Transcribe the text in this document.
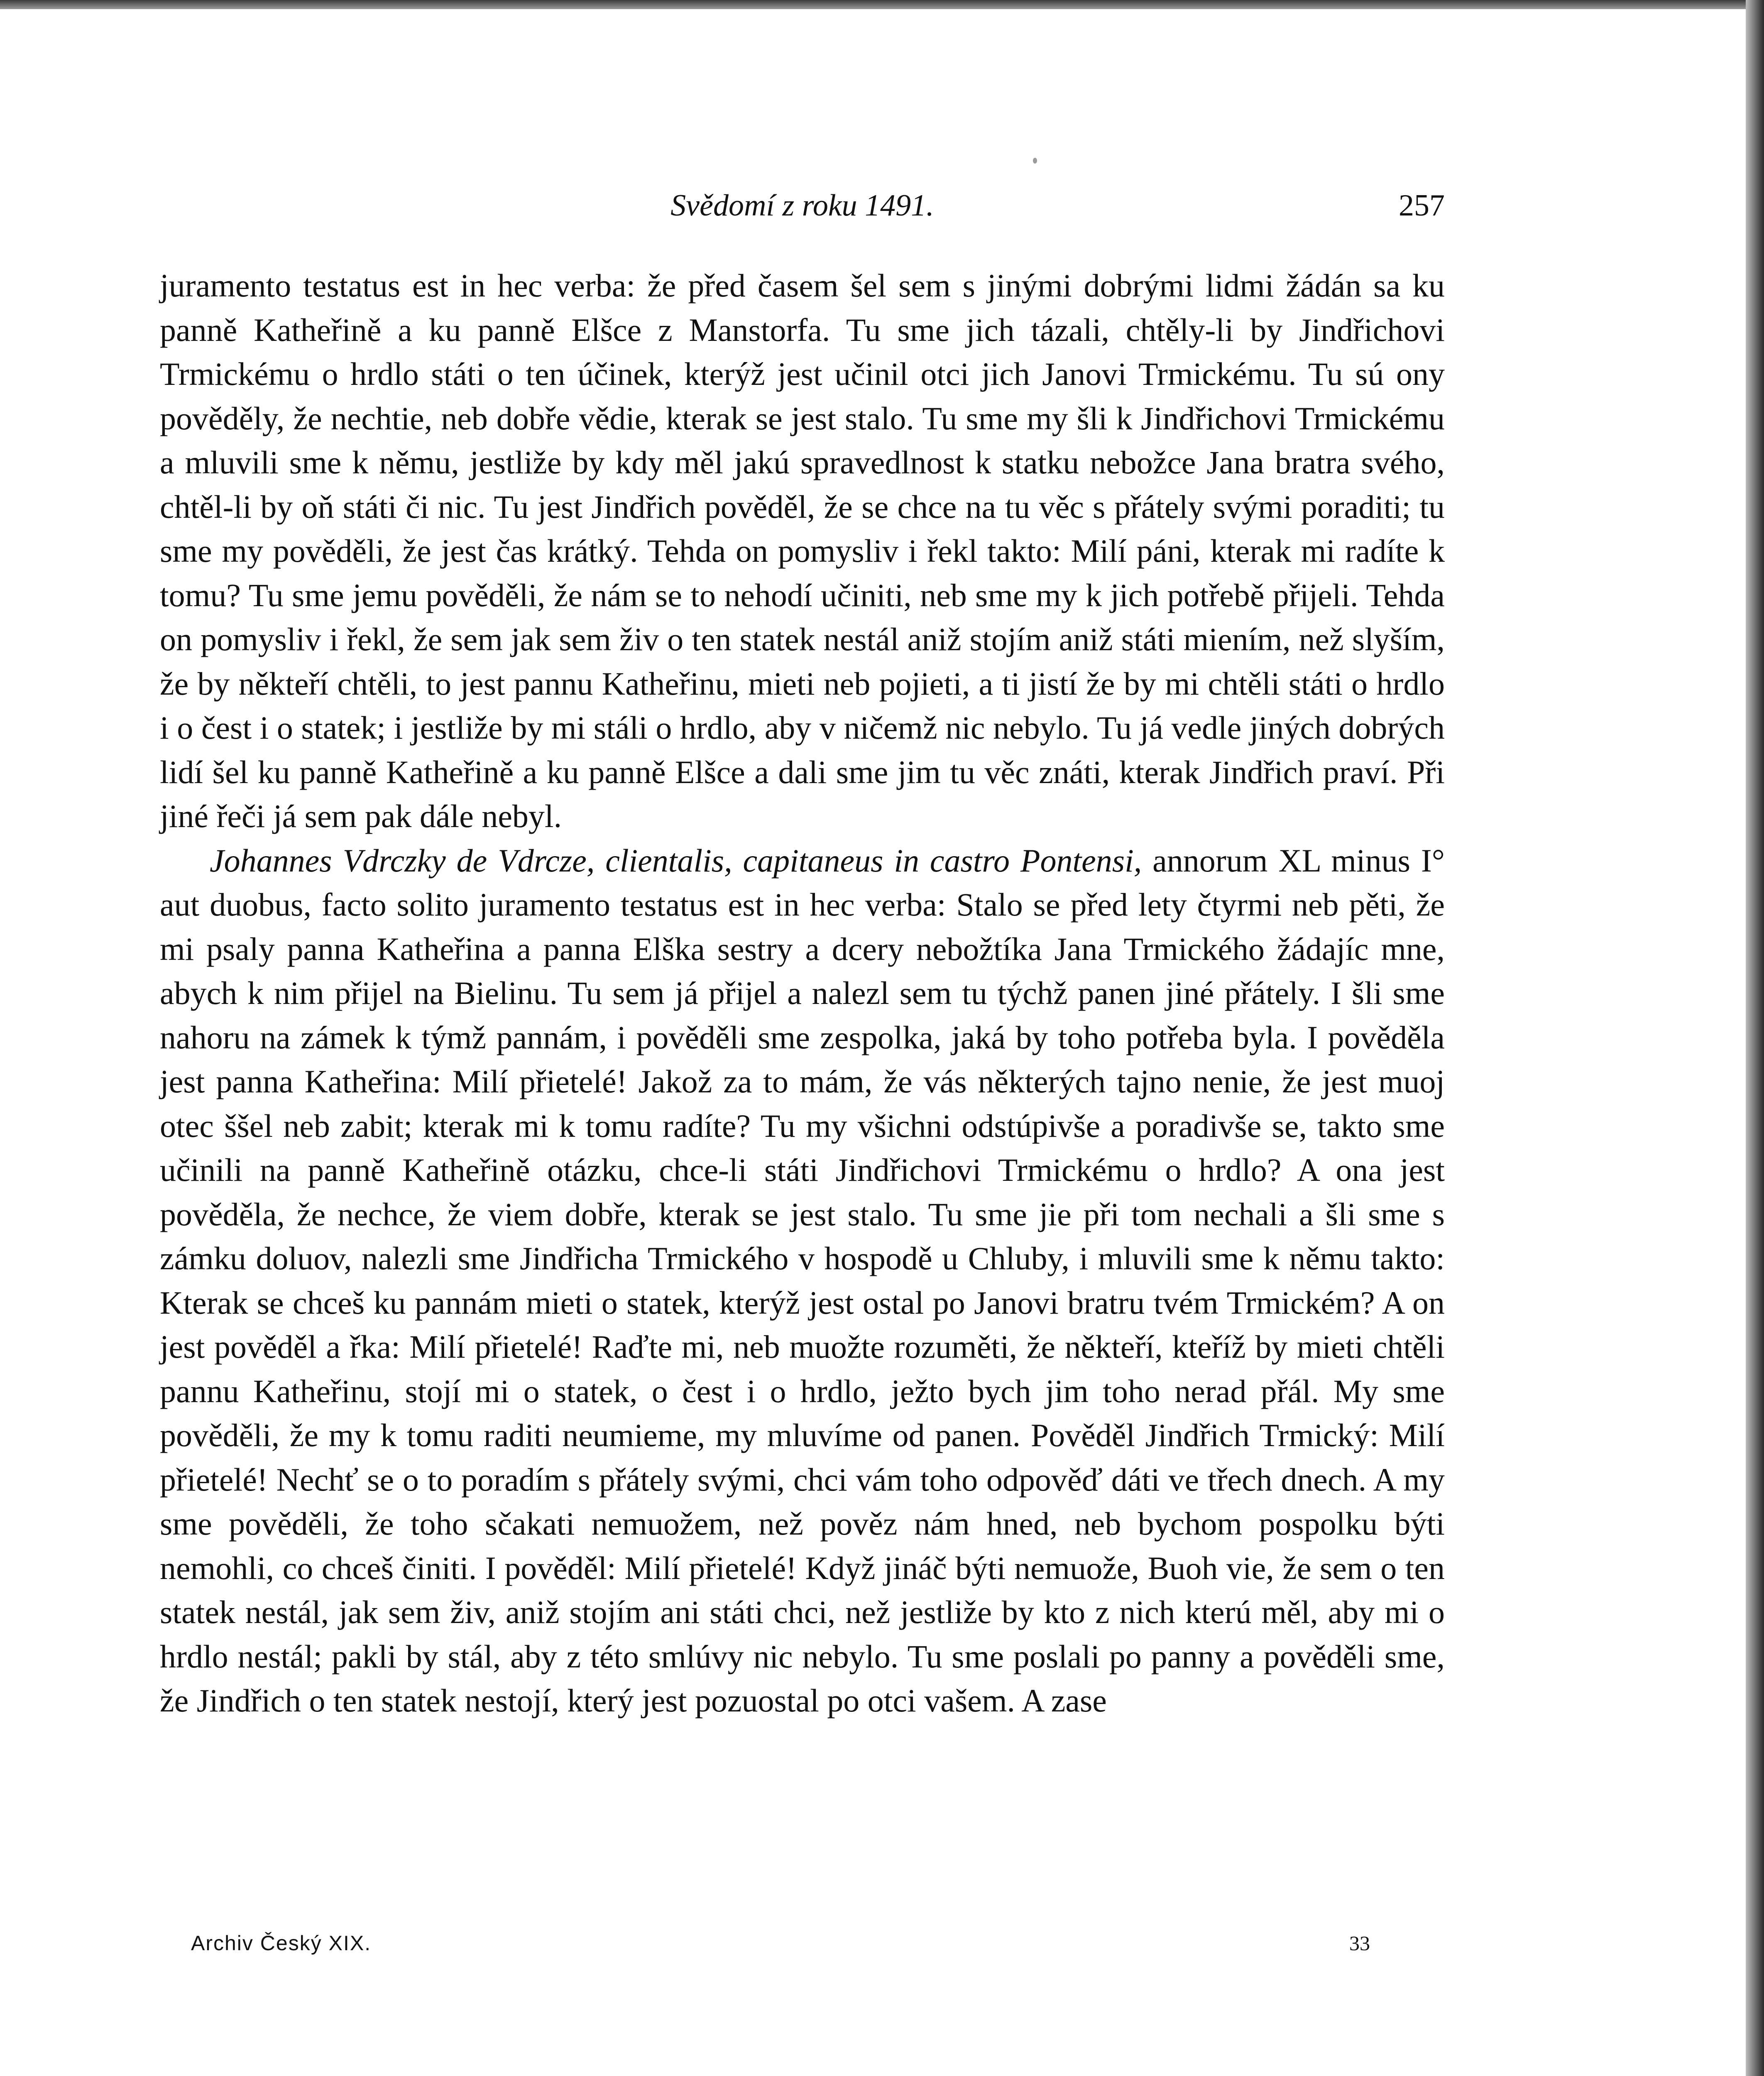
Svědomí z roku 1491.	257

juramento testatus est in hec verba: že před časem šel sem s jinými dobrými lidmi žádán sa ku panně Katheřině a ku panně Elšce z Manstorfa. Tu sme jich tázali, chtěly-li by Jindřichovi Trmickému o hrdlo státi o ten účinek, kterýž jest učinil otci jich Janovi Trmickému. Tu sú ony pověděly, že nechtie, neb dobře vědie, kterak se jest stalo. Tu sme my šli k Jindřichovi Trmickému a mluvili sme k němu, jestliže by kdy měl jakú spravedlnost k statku nebožce Jana bratra svého, chtěl-li by oň státi či nic. Tu jest Jindřich pověděl, že se chce na tu věc s přátely svými poraditi; tu sme my pověděli, že jest čas krátký. Tehda on pomysliv i řekl takto: Milí páni, kterak mi radíte k tomu? Tu sme jemu pověděli, že nám se to nehodí učiniti, neb sme my k jich potřebě přijeli. Tehda on pomysliv i řekl, že sem jak sem živ o ten statek nestál aniž stojím aniž státi miením, než slyším, že by někteří chtěli, to jest pannu Katheřinu, mieti neb pojieti, a ti jistí že by mi chtěli státi o hrdlo i o čest i o statek; i jestliže by mi stáli o hrdlo, aby v ničemž nic nebylo. Tu já vedle jiných dobrých lidí šel ku panně Katheřině a ku panně Elšce a dali sme jim tu věc znáti, kterak Jindřich praví. Při jiné řeči já sem pak dále nebyl.

Johannes Vdrczky de Vdrcze, clientalis, capitaneus in castro Pontensi, annorum XL minus I° aut duobus, facto solito juramento testatus est in hec verba: Stalo se před lety čtyrmi neb pěti, že mi psaly panna Katheřina a panna Elška sestry a dcery nebožtíka Jana Trmického žádajíc mne, abych k nim přijel na Bielinu. Tu sem já přijel a nalezl sem tu týchž panen jiné přátely. I šli sme nahoru na zámek k týmž pannám, i pověděli sme zespolka, jaká by toho potřeba byla. I pověděla jest panna Katheřina: Milí přietelé! Jakož za to mám, že vás některých tajno nenie, že jest muoj otec ššel neb zabit; kterak mi k tomu radíte? Tu my všichni odstúpivše a poradivše se, takto sme učinili na panně Katheřině otázku, chce-li státi Jindřichovi Trmickému o hrdlo? A ona jest pověděla, že nechce, že viem dobře, kterak se jest stalo. Tu sme jie při tom nechali a šli sme s zámku doluov, nalezli sme Jindřicha Trmického v hospodě u Chluby, i mluvili sme k němu takto: Kterak se chceš ku pannám mieti o statek, kterýž jest ostal po Janovi bratru tvém Trmickém? A on jest pověděl a řka: Milí přietelé! Raďte mi, neb muožte rozuměti, že někteří, kteříž by mieti chtěli pannu Katheřinu, stojí mi o statek, o čest i o hrdlo, ježto bych jim toho nerad přál. My sme pověděli, že my k tomu raditi neumieme, my mluvíme od panen. Pověděl Jindřich Trmický: Milí přietelé! Nechť se o to poradím s přátely svými, chci vám toho odpověď dáti ve třech dnech. A my sme pověděli, že toho sčakati nemuožem, než pověz nám hned, neb bychom pospolku býti nemohli, co chceš činiti. I pověděl: Milí přietelé! Když jináč býti nemuože, Buoh vie, že sem o ten statek nestál, jak sem živ, aniž stojím ani státi chci, než jestliže by kto z nich kterú měl, aby mi o hrdlo nestál; pakli by stál, aby z této smlúvy nic nebylo. Tu sme poslali po panny a pověděli sme, že Jindřich o ten statek nestojí, který jest pozuostal po otci vašem. A zase

Archiv Český XIX.	33
